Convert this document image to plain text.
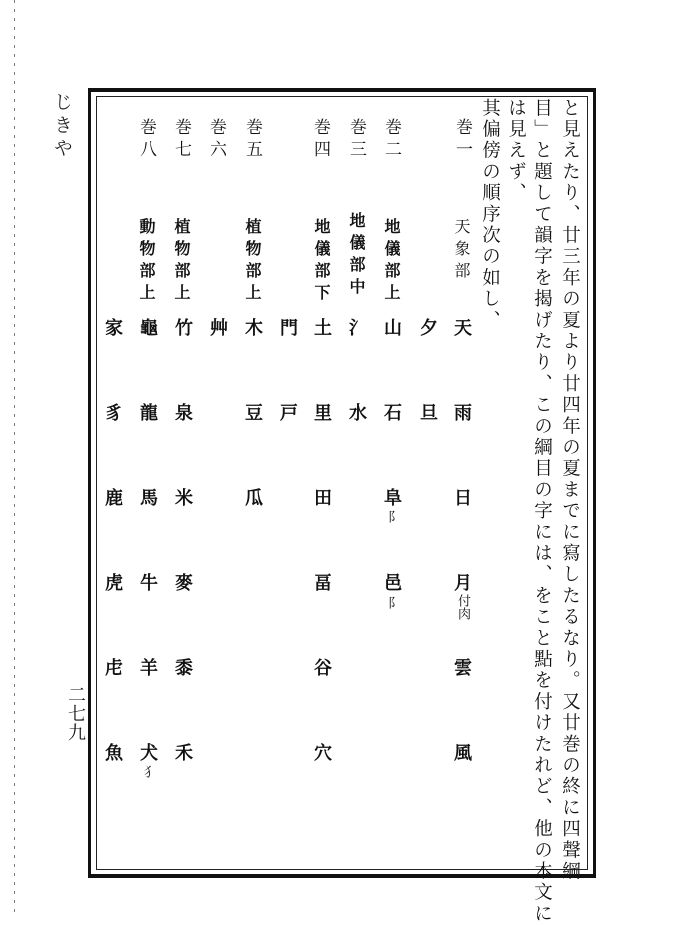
じきや　
二七九	と見えたり、廿三年の夏より廿四年の夏までに寫したるなり。又廿巻の終に四聲綱
目」と題して韻字を揭げたり、この綱目の字には、をこと點を付けたれど、他の本文に
は見えず、
其偏傍の順序次の如し、
巻一
天象部
天
雨
日
月
付肉
雲
風
夕
旦
巻二
地儀部上
山
石
阜
阝
邑
阝
巻三
地儀部中
氵
水
巻四
地儀部下
土
里
田
畐
谷
穴
門
戸
巻五
植物部上
木
豆
瓜
巻六
艸
巻七
植物部上
竹
泉
米
麥
黍
禾
巻八
動物部上
龜
龍
馬
牛
羊
犬
犭
家
豸
鹿
虎
虍
魚
